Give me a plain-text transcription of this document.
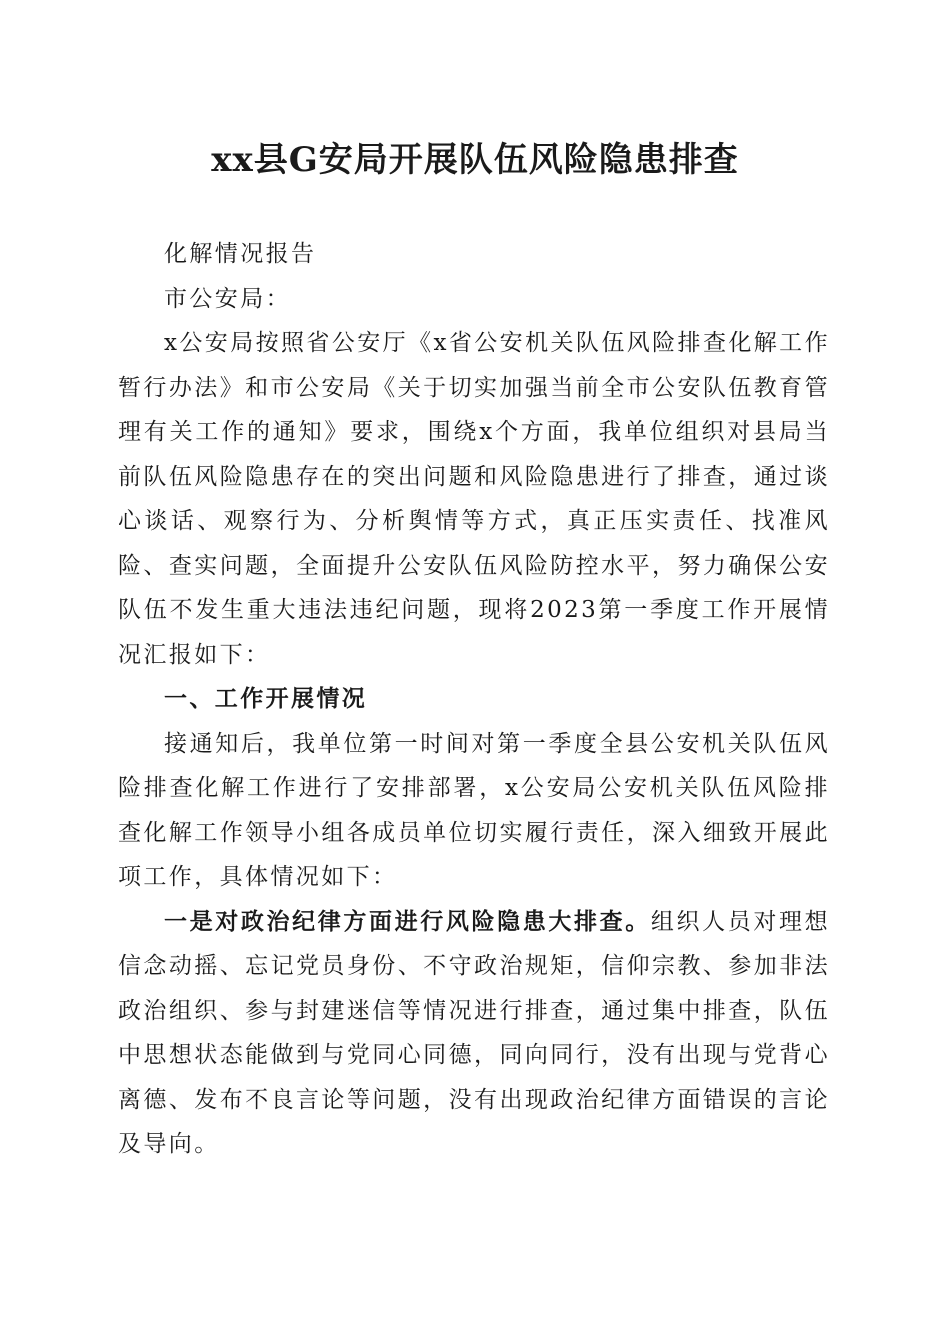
xx县G安局开展队伍风险隐患排查

化解情况报告

市公安局：

x公安局按照省公安厅《x省公安机关队伍风险排查化解工作暂行办法》和市公安局《关于切实加强当前全市公安队伍教育管理有关工作的通知》要求，围绕x个方面，我单位组织对县局当前队伍风险隐患存在的突出问题和风险隐患进行了排查，通过谈心谈话、观察行为、分析舆情等方式，真正压实责任、找准风险、查实问题，全面提升公安队伍风险防控水平，努力确保公安队伍不发生重大违法违纪问题，现将2023第一季度工作开展情况汇报如下：

一、工作开展情况

接通知后，我单位第一时间对第一季度全县公安机关队伍风险排查化解工作进行了安排部署，x公安局公安机关队伍风险排查化解工作领导小组各成员单位切实履行责任，深入细致开展此项工作，具体情况如下：

一是对政治纪律方面进行风险隐患大排查。组织人员对理想信念动摇、忘记党员身份、不守政治规矩，信仰宗教、参加非法政治组织、参与封建迷信等情况进行排查，通过集中排查，队伍中思想状态能做到与党同心同德，同向同行，没有出现与党背心离德、发布不良言论等问题，没有出现政治纪律方面错误的言论及导向。
